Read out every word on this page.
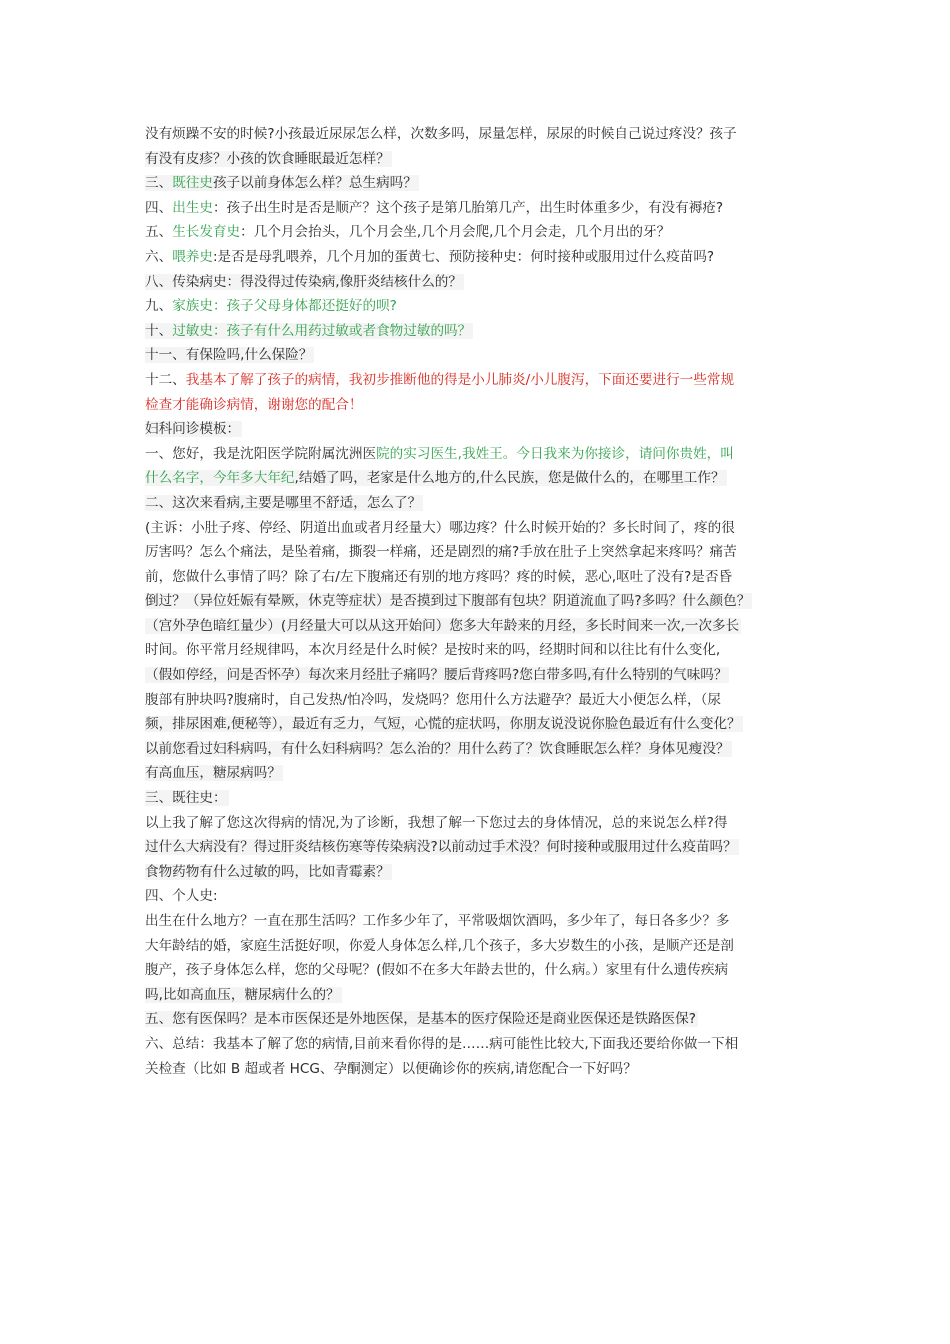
没有烦躁不安的时候?小孩最近尿尿怎么样，次数多吗，尿量怎样，尿尿的时候自己说过疼没？孩子
有没有皮疹？小孩的饮食睡眠最近怎样？
三、既往史孩子以前身体怎么样？总生病吗？
四、出生史：孩子出生时是否是顺产？这个孩子是第几胎第几产，出生时体重多少，有没有褥疮?
五、生长发育史：几个月会抬头，几个月会坐,几个月会爬,几个月会走，几个月出的牙？
六、喂养史:是否是母乳喂养，几个月加的蛋黄七、预防接种史：何时接种或服用过什么疫苗吗?
八、传染病史：得没得过传染病,像肝炎结核什么的？
九、家族史：孩子父母身体都还挺好的呗?
十、过敏史：孩子有什么用药过敏或者食物过敏的吗？
十一、有保险吗,什么保险？
十二、我基本了解了孩子的病情，我初步推断他的得是小儿肺炎/小儿腹泻，下面还要进行一些常规
检查才能确诊病情，谢谢您的配合！
妇科问诊模板：
一、您好，我是沈阳医学院附属沈洲医院的实习医生,我姓王。今日我来为你接诊，请问你贵姓，叫
什么名字，今年多大年纪,结婚了吗，老家是什么地方的,什么民族，您是做什么的，在哪里工作？
二、这次来看病,主要是哪里不舒适，怎么了？
(主诉：小肚子疼、停经、阴道出血或者月经量大）哪边疼？什么时候开始的？多长时间了，疼的很
厉害吗？怎么个痛法，是坠着痛，撕裂一样痛，还是剧烈的痛?手放在肚子上突然拿起来疼吗？痛苦
前，您做什么事情了吗？除了右/左下腹痛还有别的地方疼吗？疼的时候，恶心,呕吐了没有?是否昏
倒过？（异位妊娠有晕厥，休克等症状）是否摸到过下腹部有包块？阴道流血了吗?多吗？什么颜色？
（宫外孕色暗红量少）(月经量大可以从这开始问）您多大年龄来的月经，多长时间来一次,一次多长
时间。你平常月经规律吗，本次月经是什么时候？是按时来的吗，经期时间和以往比有什么变化,
（假如停经，问是否怀孕）每次来月经肚子痛吗？腰后背疼吗?您白带多吗,有什么特别的气味吗？
腹部有肿块吗?腹痛时，自己发热/怕冷吗，发烧吗？您用什么方法避孕？最近大小便怎么样，（尿
频，排尿困难,便秘等），最近有乏力，气短，心慌的症状吗，你朋友说没说你脸色最近有什么变化？
以前您看过妇科病吗，有什么妇科病吗？怎么治的？用什么药了？饮食睡眠怎么样？身体见瘦没？
有高血压，糖尿病吗？
三、既往史：
以上我了解了您这次得病的情况,为了诊断，我想了解一下您过去的身体情况，总的来说怎么样?得
过什么大病没有？得过肝炎结核伤寒等传染病没?以前动过手术没？何时接种或服用过什么疫苗吗？
食物药物有什么过敏的吗，比如青霉素？
四、个人史:
出生在什么地方？一直在那生活吗？工作多少年了，平常吸烟饮酒吗，多少年了，每日各多少？多
大年龄结的婚，家庭生活挺好呗，你爱人身体怎么样,几个孩子，多大岁数生的小孩，是顺产还是剖
腹产，孩子身体怎么样，您的父母呢？(假如不在多大年龄去世的，什么病。）家里有什么遗传疾病
吗,比如高血压，糖尿病什么的？
五、您有医保吗？是本市医保还是外地医保，是基本的医疗保险还是商业医保还是铁路医保?
六、总结：我基本了解了您的病情,目前来看你得的是……病可能性比较大,下面我还要给你做一下相
关检查（比如 B 超或者 HCG、孕酮测定）以便确诊你的疾病,请您配合一下好吗？
